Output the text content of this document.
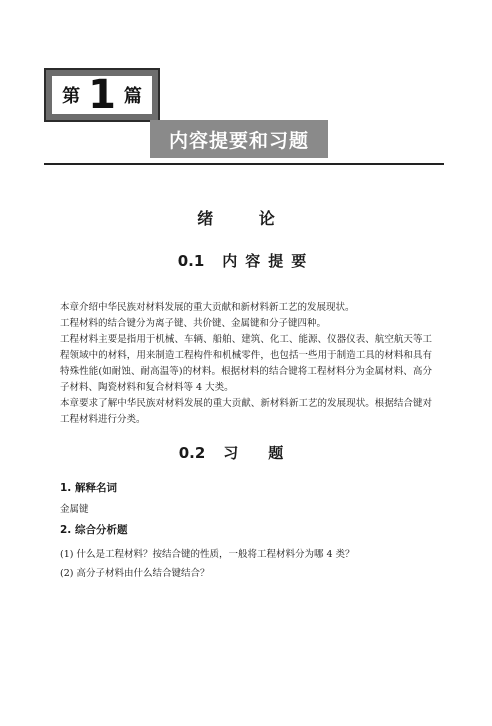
第 1 篇
内容提要和习题
绪 论
0.1 内容提要

本章介绍中华民族对材料发展的重大贡献和新材料新工艺的发展现状。

工程材料的结合键分为离子键、共价键、金属键和分子键四种。

工程材料主要是指用于机械、车辆、船舶、建筑、化工、能源、仪器仪表、航空航天等工程领域中的材料，用来制造工程构件和机械零件，也包括一些用于制造工具的材料和具有特殊性能(如耐蚀、耐高温等)的材料。根据材料的结合键将工程材料分为金属材料、高分子材料、陶瓷材料和复合材料等 4 大类。

本章要求了解中华民族对材料发展的重大贡献、新材料新工艺的发展现状。根据结合键对工程材料进行分类。

0.2 习题
1. 解释名词
金属键
2. 综合分析题
(1) 什么是工程材料？按结合键的性质，一般将工程材料分为哪 4 类？
(2) 高分子材料由什么结合键结合？
